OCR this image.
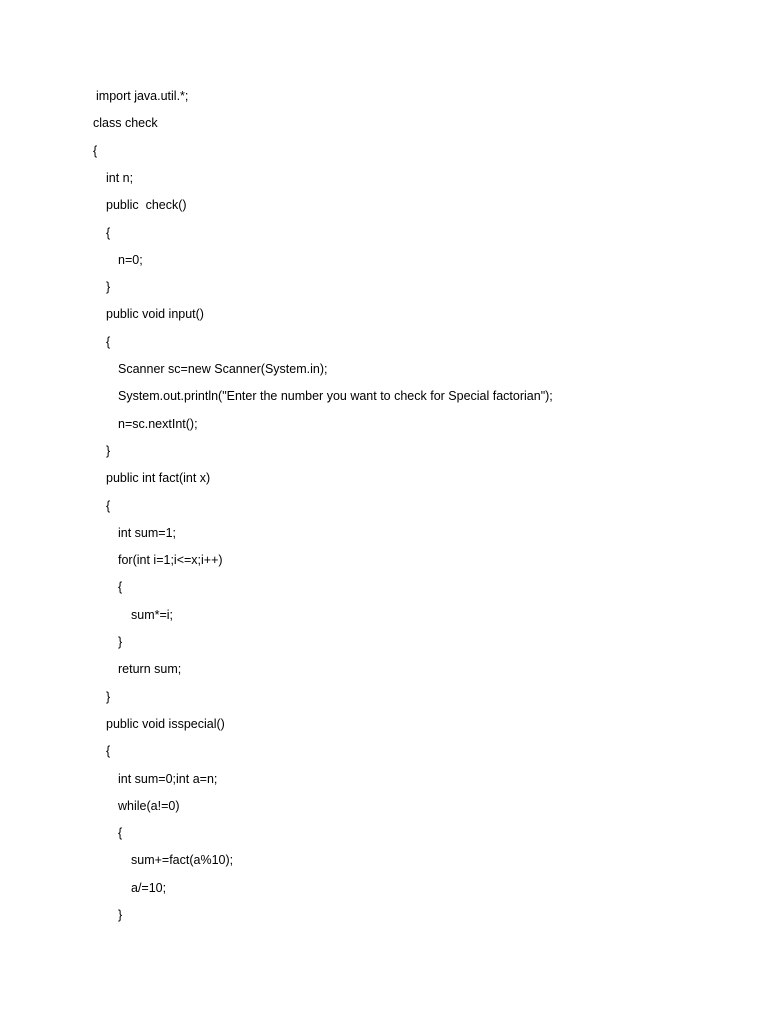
import java.util.*;
class check
{
int n;
public  check()
{
n=0;
}
public void input()
{
Scanner sc=new Scanner(System.in);
System.out.println("Enter the number you want to check for Special factorian");
n=sc.nextInt();
}
public int fact(int x)
{
int sum=1;
for(int i=1;i<=x;i++)
{
sum*=i;
}
return sum;
}
public void isspecial()
{
int sum=0;int a=n;
while(a!=0)
{
sum+=fact(a%10);
a/=10;
}
